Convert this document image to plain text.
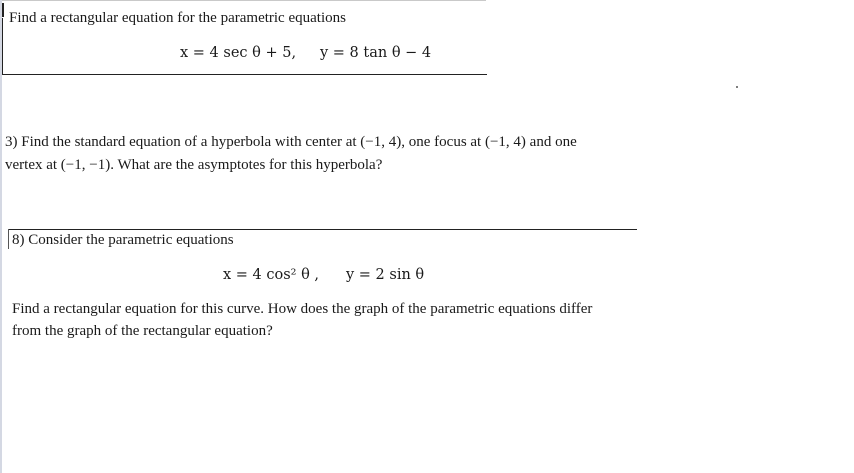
Find a rectangular equation for the parametric equations
x = 4 sec θ + 5, y = 8 tan θ − 4
3) Find the standard equation of a hyperbola with center at (−1, 4), one focus at (−1, 4) and one
vertex at (−1, −1). What are the asymptotes for this hyperbola?
8) Consider the parametric equations
x = 4 cos² θ , y = 2 sin θ
Find a rectangular equation for this curve. How does the graph of the parametric equations differ
from the graph of the rectangular equation?
